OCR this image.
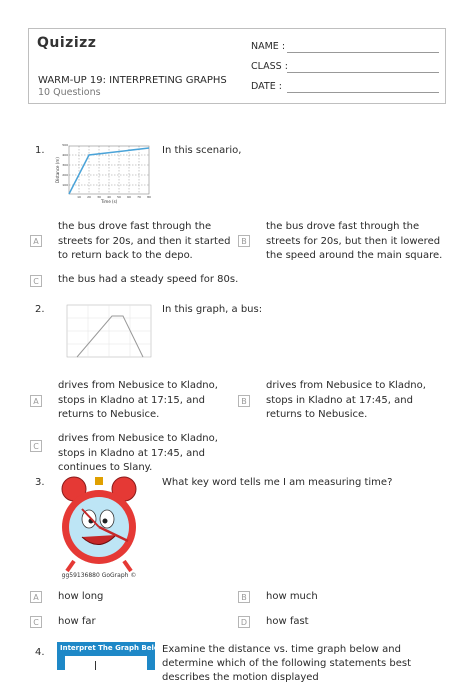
Quizizz
WARM-UP 19: INTERPRETING GRAPHS
10 Questions
NAME :
CLASS :
DATE :
1.	In this scenario,
Distance (m)
Time (s)
10 20 30 40 50 60 70 80
100
200
300
400
500
A
the bus drove fast through the streets for 20s, and then it started to return back to the depo.
B
the bus drove fast through the streets for 20s, but then it lowered the speed around the main square.
C	the bus had a steady speed for 80s.
2.	In this graph, a bus:
A
drives from Nebusice to Kladno, stops in Kladno at 17:15, and returns to Nebusice.
B
drives from Nebusice to Kladno, stops in Kladno at 17:45, and returns to Nebusice.
C
drives from Nebusice to Kladno, stops in Kladno at 17:45, and continues to Slany.
3.	What key word tells me I am measuring time?
gg59136880 GoGraph ©
A	how long	B	how much
C	how far	D how fast
4.	Interpret The Graph Below:
Examine the distance vs. time graph below and determine which of the following statements best describes the motion displayed
